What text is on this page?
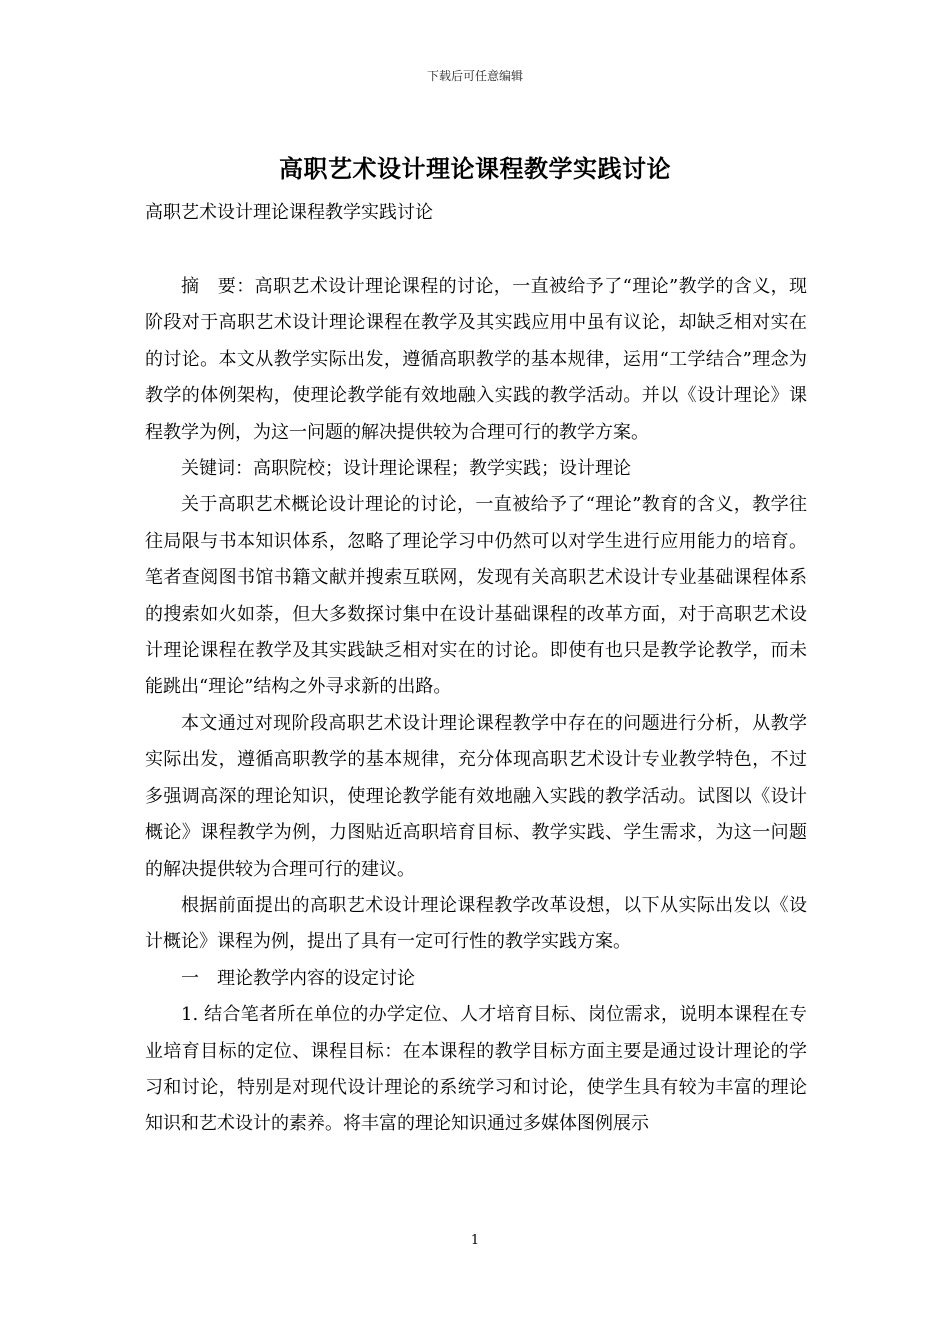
下载后可任意编辑
高职艺术设计理论课程教学实践讨论
高职艺术设计理论课程教学实践讨论

摘　要：高职艺术设计理论课程的讨论，一直被给予了“理论”教学的含义，现阶段对于高职艺术设计理论课程在教学及其实践应用中虽有议论，却缺乏相对实在的讨论。本文从教学实际出发，遵循高职教学的基本规律，运用“工学结合”理念为教学的体例架构，使理论教学能有效地融入实践的教学活动。并以《设计理论》课程教学为例，为这一问题的解决提供较为合理可行的教学方案。

关键词：高职院校；设计理论课程；教学实践；设计理论

关于高职艺术概论设计理论的讨论，一直被给予了“理论”教育的含义，教学往往局限与书本知识体系，忽略了理论学习中仍然可以对学生进行应用能力的培育。笔者查阅图书馆书籍文献并搜索互联网，发现有关高职艺术设计专业基础课程体系的搜索如火如荼，但大多数探讨集中在设计基础课程的改革方面，对于高职艺术设计理论课程在教学及其实践缺乏相对实在的讨论。即使有也只是教学论教学，而未能跳出“理论”结构之外寻求新的出路。

本文通过对现阶段高职艺术设计理论课程教学中存在的问题进行分析，从教学实际出发，遵循高职教学的基本规律，充分体现高职艺术设计专业教学特色，不过多强调高深的理论知识，使理论教学能有效地融入实践的教学活动。试图以《设计概论》课程教学为例，力图贴近高职培育目标、教学实践、学生需求，为这一问题的解决提供较为合理可行的建议。

根据前面提出的高职艺术设计理论课程教学改革设想，以下从实际出发以《设计概论》课程为例，提出了具有一定可行性的教学实践方案。

一　理论教学内容的设定讨论

1. 结合笔者所在单位的办学定位、人才培育目标、岗位需求，说明本课程在专业培育目标的定位、课程目标：在本课程的教学目标方面主要是通过设计理论的学习和讨论，特别是对现代设计理论的系统学习和讨论，使学生具有较为丰富的理论知识和艺术设计的素养。将丰富的理论知识通过多媒体图例展示

1
